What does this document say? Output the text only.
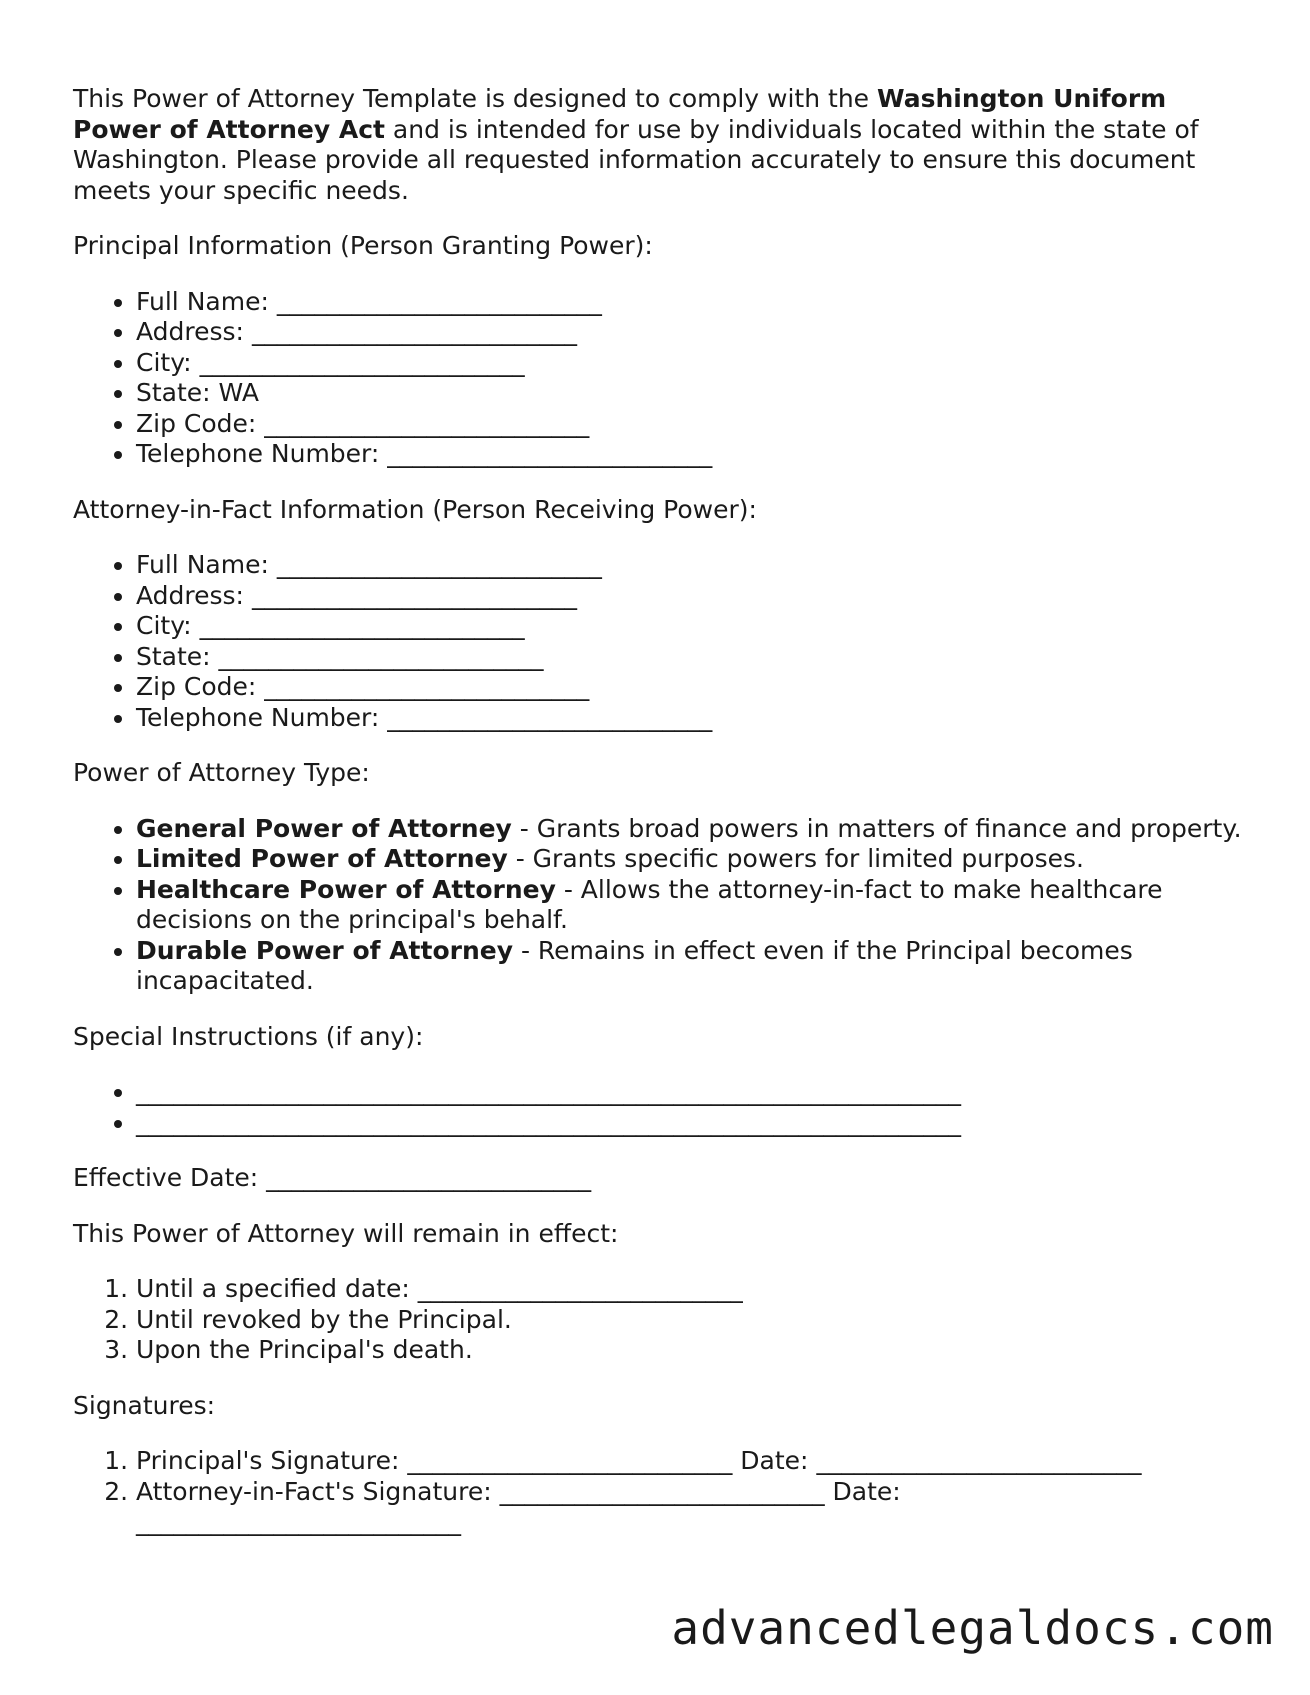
This Power of Attorney Template is designed to comply with the Washington Uniform Power of Attorney Act and is intended for use by individuals located within the state of Washington. Please provide all requested information accurately to ensure this document meets your specific needs.

Principal Information (Person Granting Power):

• Full Name: __________________________
• Address: __________________________
• City: __________________________
• State: WA
• Zip Code: __________________________
• Telephone Number: __________________________

Attorney-in-Fact Information (Person Receiving Power):

• Full Name: __________________________
• Address: __________________________
• City: __________________________
• State: __________________________
• Zip Code: __________________________
• Telephone Number: __________________________

Power of Attorney Type:

• General Power of Attorney - Grants broad powers in matters of finance and property.
• Limited Power of Attorney - Grants specific powers for limited purposes.
• Healthcare Power of Attorney - Allows the attorney-in-fact to make healthcare decisions on the principal's behalf.
• Durable Power of Attorney - Remains in effect even if the Principal becomes incapacitated.

Special Instructions (if any):

• __________________________________________________________________
• __________________________________________________________________

Effective Date: __________________________

This Power of Attorney will remain in effect:

1. Until a specified date: __________________________
2. Until revoked by the Principal.
3. Upon the Principal's death.

Signatures:

1. Principal's Signature: __________________________ Date: __________________________
2. Attorney-in-Fact's Signature: __________________________ Date:
__________________________
advancedlegaldocs.com
